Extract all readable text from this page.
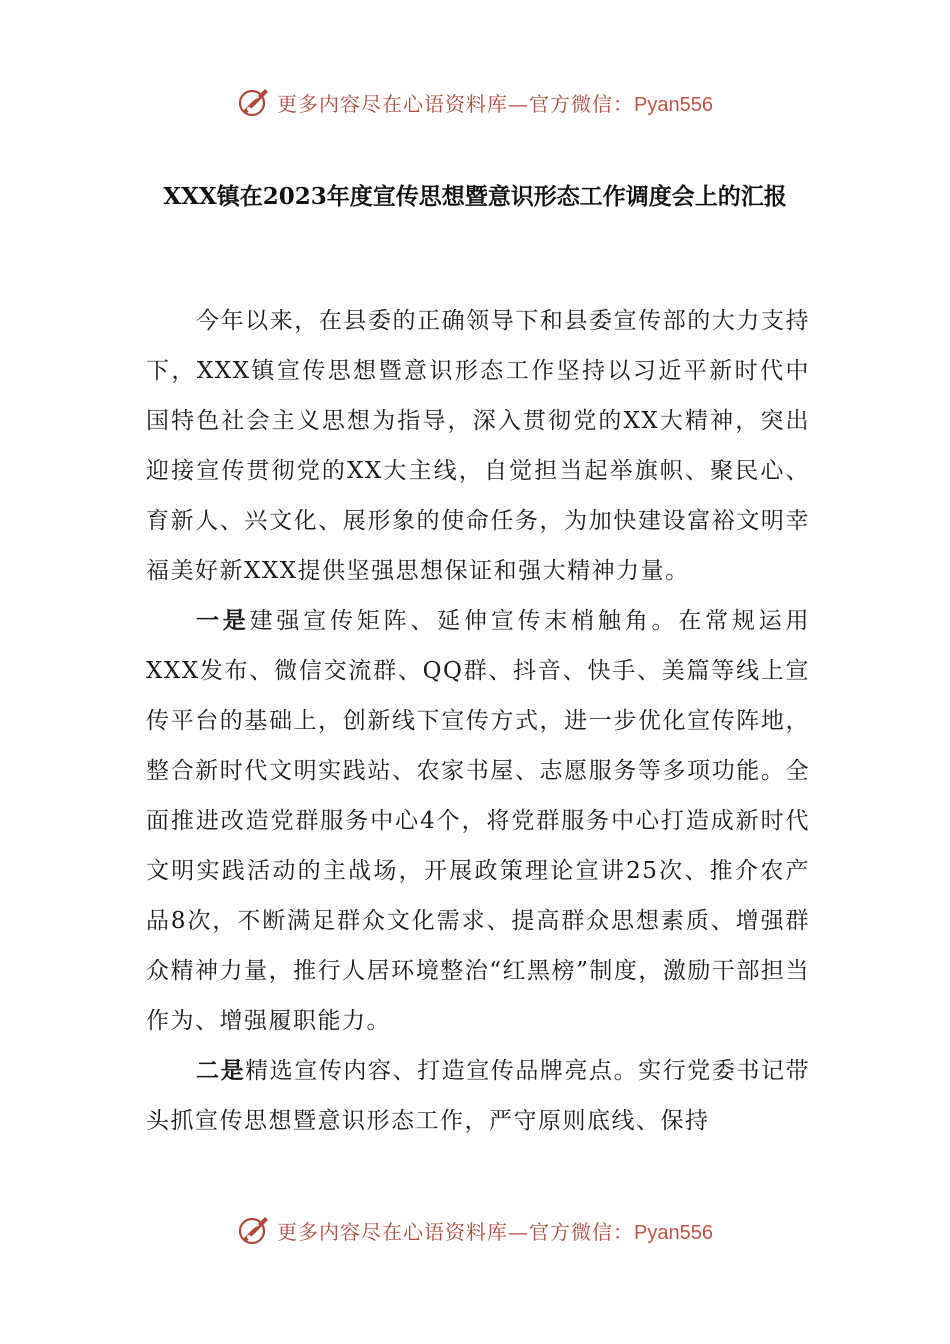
更多内容尽在心语资料库—官方微信：Pyan556
XXX镇在2023年度宣传思想暨意识形态工作调度会上的汇报

今年以来，在县委的正确领导下和县委宣传部的大力支持下，XXX镇宣传思想暨意识形态工作坚持以习近平新时代中国特色社会主义思想为指导，深入贯彻党的XX大精神，突出迎接宣传贯彻党的XX大主线，自觉担当起举旗帜、聚民心、育新人、兴文化、展形象的使命任务，为加快建设富裕文明幸福美好新XXX提供坚强思想保证和强大精神力量。

一是建强宣传矩阵、延伸宣传末梢触角。在常规运用XXX发布、微信交流群、QQ群、抖音、快手、美篇等线上宣传平台的基础上，创新线下宣传方式，进一步优化宣传阵地，整合新时代文明实践站、农家书屋、志愿服务等多项功能。全面推进改造党群服务中心4个，将党群服务中心打造成新时代文明实践活动的主战场，开展政策理论宣讲25次、推介农产品8次，不断满足群众文化需求、提高群众思想素质、增强群众精神力量，推行人居环境整治“红黑榜”制度，激励干部担当作为、增强履职能力。

二是精选宣传内容、打造宣传品牌亮点。实行党委书记带头抓宣传思想暨意识形态工作，严守原则底线、保持

更多内容尽在心语资料库—官方微信：Pyan556
